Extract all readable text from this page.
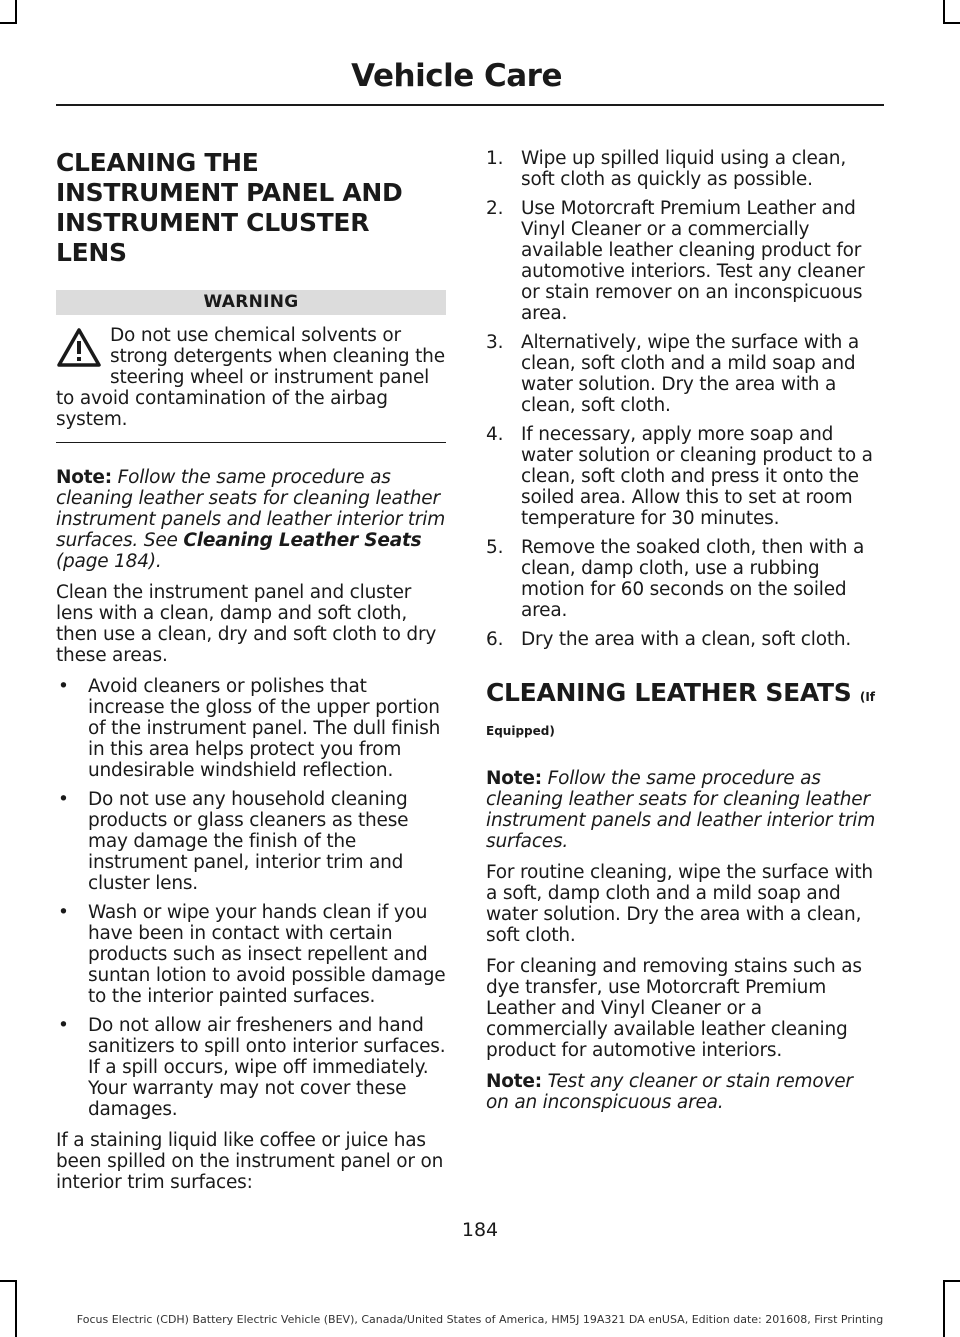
Vehicle Care
CLEANING THE INSTRUMENT PANEL AND INSTRUMENT CLUSTER LENS
WARNING
Do not use chemical solvents or strong detergents when cleaning the steering wheel or instrument panel to avoid contamination of the airbag system.

Note: Follow the same procedure as cleaning leather seats for cleaning leather instrument panels and leather interior trim surfaces. See Cleaning Leather Seats (page 184).

Clean the instrument panel and cluster lens with a clean, damp and soft cloth, then use a clean, dry and soft cloth to dry these areas.

• Avoid cleaners or polishes that increase the gloss of the upper portion of the instrument panel. The dull finish in this area helps protect you from undesirable windshield reflection.
• Do not use any household cleaning products or glass cleaners as these may damage the finish of the instrument panel, interior trim and cluster lens.
• Wash or wipe your hands clean if you have been in contact with certain products such as insect repellent and suntan lotion to avoid possible damage to the interior painted surfaces.
• Do not allow air fresheners and hand sanitizers to spill onto interior surfaces. If a spill occurs, wipe off immediately. Your warranty may not cover these damages.

If a staining liquid like coffee or juice has been spilled on the instrument panel or on interior trim surfaces:

1. Wipe up spilled liquid using a clean, soft cloth as quickly as possible.
2. Use Motorcraft Premium Leather and Vinyl Cleaner or a commercially available leather cleaning product for automotive interiors. Test any cleaner or stain remover on an inconspicuous area.
3. Alternatively, wipe the surface with a clean, soft cloth and a mild soap and water solution. Dry the area with a clean, soft cloth.
4. If necessary, apply more soap and water solution or cleaning product to a clean, soft cloth and press it onto the soiled area. Allow this to set at room temperature for 30 minutes.
5. Remove the soaked cloth, then with a clean, damp cloth, use a rubbing motion for 60 seconds on the soiled area.
6. Dry the area with a clean, soft cloth.
CLEANING LEATHER SEATS (If Equipped)

Note: Follow the same procedure as cleaning leather seats for cleaning leather instrument panels and leather interior trim surfaces.

For routine cleaning, wipe the surface with a soft, damp cloth and a mild soap and water solution. Dry the area with a clean, soft cloth.

For cleaning and removing stains such as dye transfer, use Motorcraft Premium Leather and Vinyl Cleaner or a commercially available leather cleaning product for automotive interiors.

Note: Test any cleaner or stain remover on an inconspicuous area.

184
Focus Electric (CDH) Battery Electric Vehicle (BEV), Canada/United States of America, HM5J 19A321 DA enUSA, Edition date: 201608, First Printing
